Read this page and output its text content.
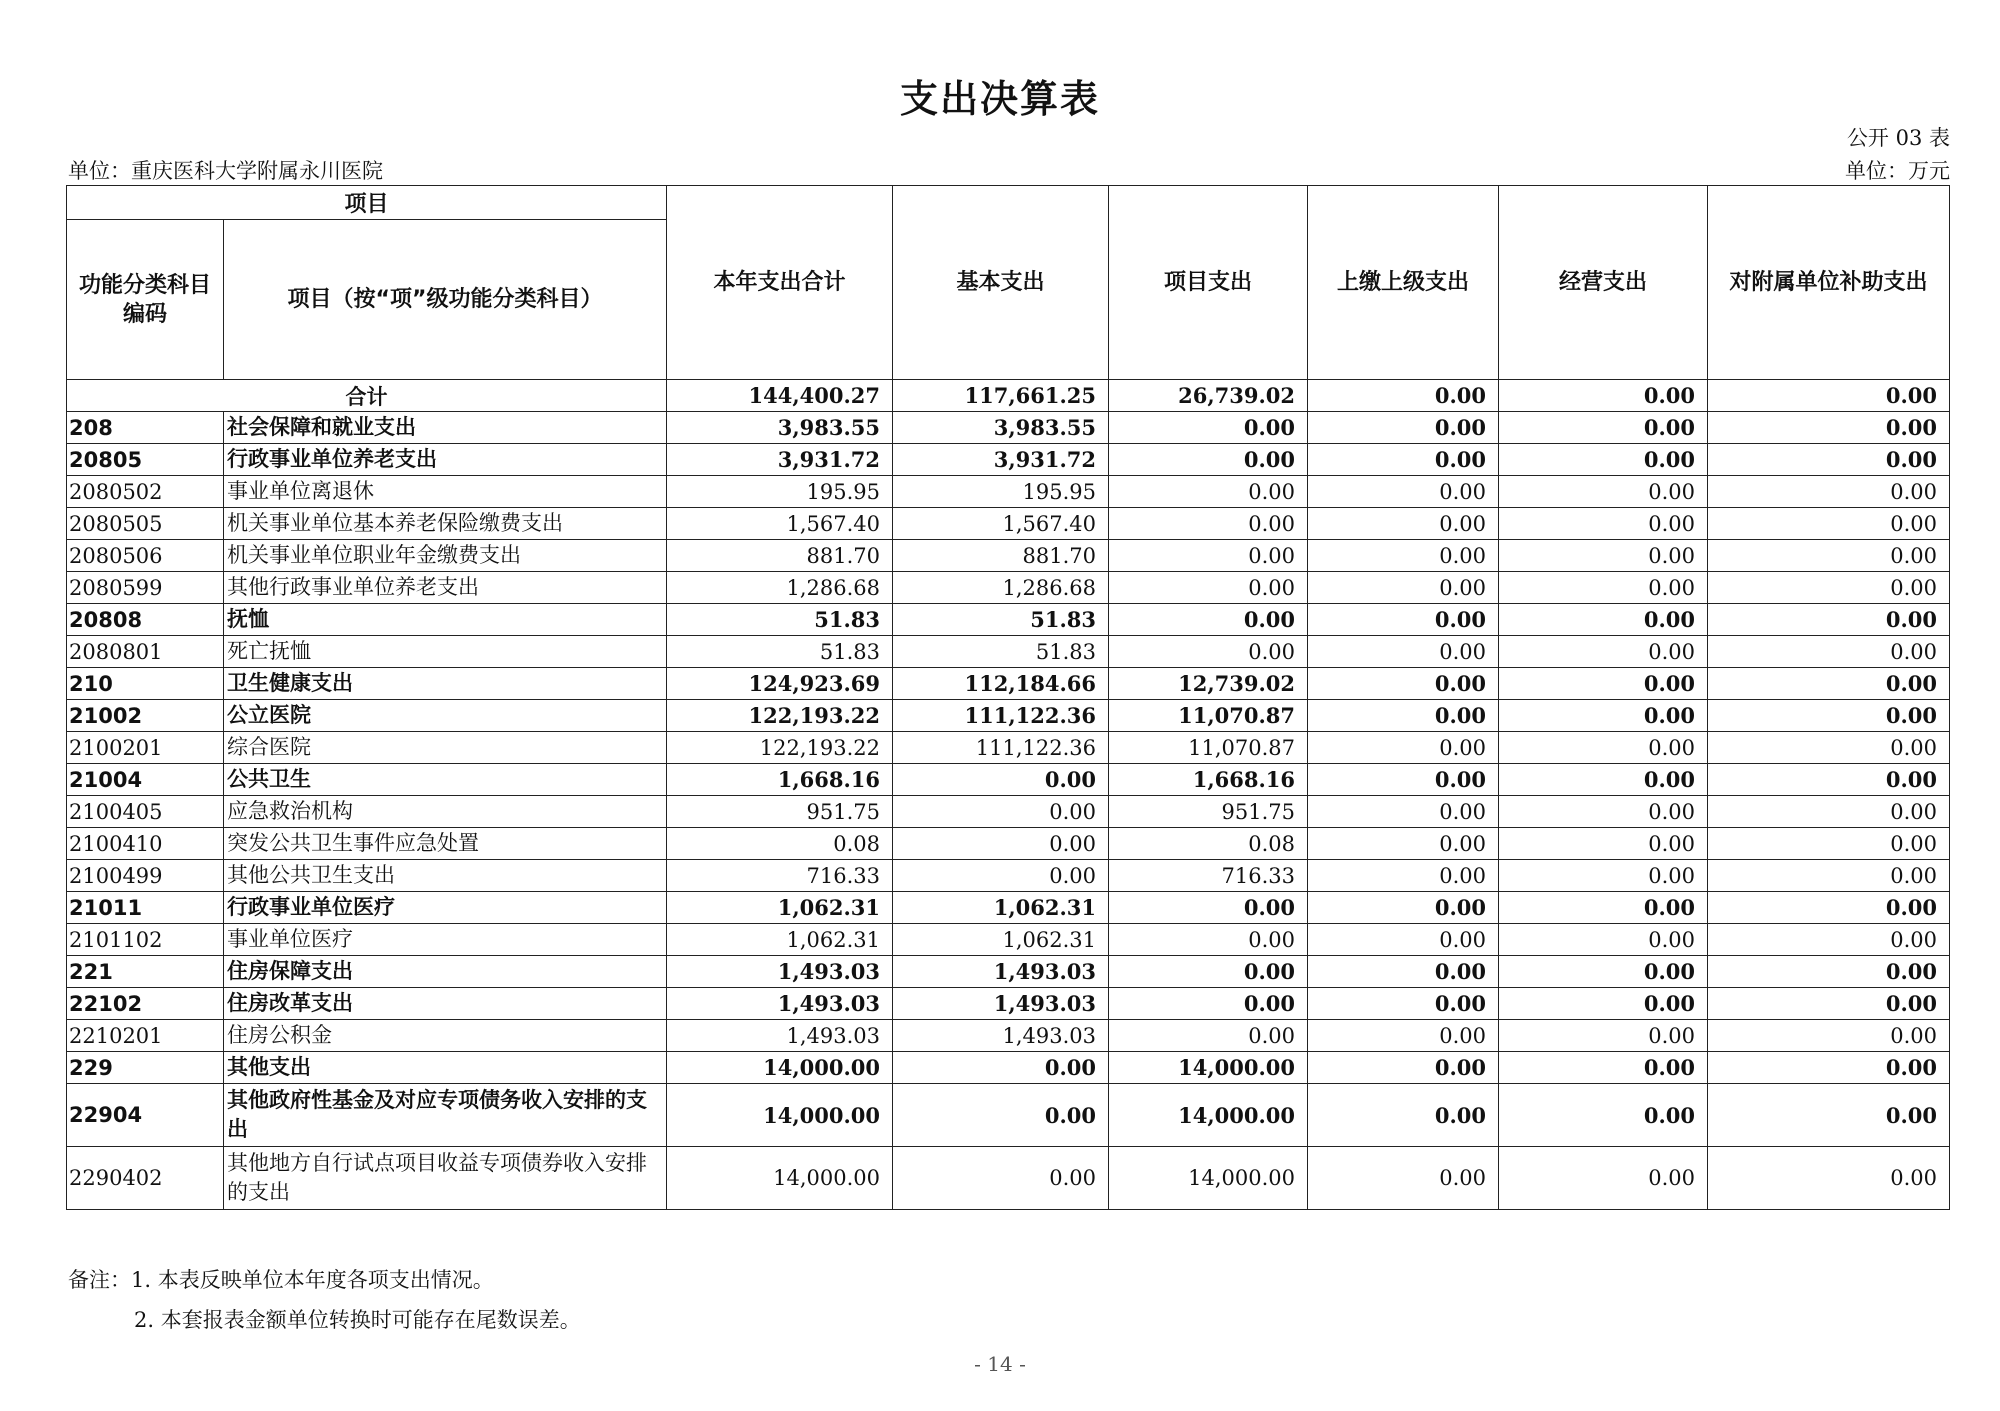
支出决算表
公开 03 表
单位：重庆医科大学附属永川医院	单位：万元
项目		本年支出合计	基本支出	项目支出	上缴上级支出	经营支出	对附属单位补助支出
功能分类科目编码	项目（按“项”级功能分类科目）						
合计		144,400.27	117,661.25	26,739.02	0.00	0.00	0.00
208	社会保障和就业支出	3,983.55	3,983.55	0.00	0.00	0.00	0.00
20805	行政事业单位养老支出	3,931.72	3,931.72	0.00	0.00	0.00	0.00
2080502	事业单位离退休	195.95	195.95	0.00	0.00	0.00	0.00
2080505	机关事业单位基本养老保险缴费支出	1,567.40	1,567.40	0.00	0.00	0.00	0.00
2080506	机关事业单位职业年金缴费支出	881.70	881.70	0.00	0.00	0.00	0.00
2080599	其他行政事业单位养老支出	1,286.68	1,286.68	0.00	0.00	0.00	0.00
20808	抚恤	51.83	51.83	0.00	0.00	0.00	0.00
2080801	死亡抚恤	51.83	51.83	0.00	0.00	0.00	0.00
210	卫生健康支出	124,923.69	112,184.66	12,739.02	0.00	0.00	0.00
21002	公立医院	122,193.22	111,122.36	11,070.87	0.00	0.00	0.00
2100201	综合医院	122,193.22	111,122.36	11,070.87	0.00	0.00	0.00
21004	公共卫生	1,668.16	0.00	1,668.16	0.00	0.00	0.00
2100405	应急救治机构	951.75	0.00	951.75	0.00	0.00	0.00
2100410	突发公共卫生事件应急处置	0.08	0.00	0.08	0.00	0.00	0.00
2100499	其他公共卫生支出	716.33	0.00	716.33	0.00	0.00	0.00
21011	行政事业单位医疗	1,062.31	1,062.31	0.00	0.00	0.00	0.00
2101102	事业单位医疗	1,062.31	1,062.31	0.00	0.00	0.00	0.00
221	住房保障支出	1,493.03	1,493.03	0.00	0.00	0.00	0.00
22102	住房改革支出	1,493.03	1,493.03	0.00	0.00	0.00	0.00
2210201	住房公积金	1,493.03	1,493.03	0.00	0.00	0.00	0.00
229	其他支出	14,000.00	0.00	14,000.00	0.00	0.00	0.00
22904	其他政府性基金及对应专项债务收入安排的支出	14,000.00	0.00	14,000.00	0.00	0.00	0.00
2290402	其他地方自行试点项目收益专项债券收入安排的支出	14,000.00	0.00	14,000.00	0.00	0.00	0.00
备注：1. 本表反映单位本年度各项支出情况。
2. 本套报表金额单位转换时可能存在尾数误差。
- 14 -
